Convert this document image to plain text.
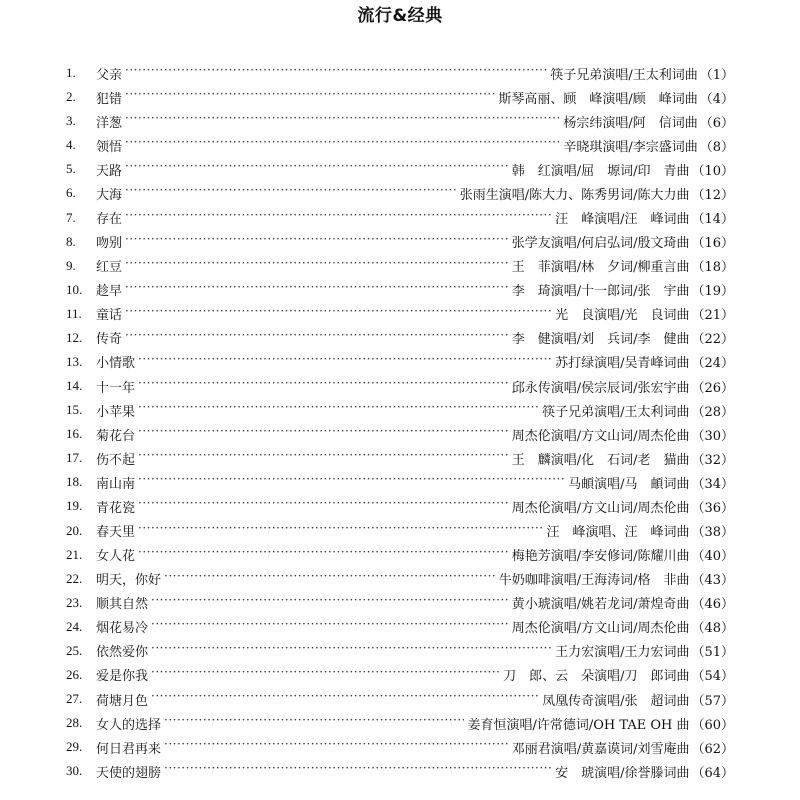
流行&经典
1.	父亲 ·····	筷子兄弟演唱/王太利词曲 （1）
2.	犯错 ·····	斯琴高丽、顾　峰演唱/顾　峰词曲 （4）
3.	洋葱 ·····	杨宗纬演唱/阿　信词曲 （6）
4.	领悟 ·····	辛晓琪演唱/李宗盛词曲 （8）
5.	天路 ·····	韩　红演唱/屈　塬词/印　青曲 （10）
6.	大海 ·····	张雨生演唱/陈大力、陈秀男词/陈大力曲 （12）
7.	存在 ·····	汪　峰演唱/汪　峰词曲 （14）
8.	吻别 ·····	张学友演唱/何启弘词/殷文琦曲 （16）
9.	红豆 ·····	王　菲演唱/林　夕词/柳重言曲 （18）
10.	趁早 ·····	李　琦演唱/十一郎词/张　宇曲 （19）
11.	童话 ·····	光　良演唱/光　良词曲 （21）
12.	传奇 ·····	李　健演唱/刘　兵词/李　健曲 （22）
13.	小情歌 ·····	苏打绿演唱/吴青峰词曲 （24）
14.	十一年 ·····	邱永传演唱/侯宗辰词/张宏宇曲 （26）
15.	小苹果 ·····	筷子兄弟演唱/王太利词曲 （28）
16.	菊花台 ·····	周杰伦演唱/方文山词/周杰伦曲 （30）
17.	伤不起 ·····	王　麟演唱/化　石词/老　猫曲 （32）
18.	南山南 ·····	马頔演唱/马　頔词曲 （34）
19.	青花瓷 ·····	周杰伦演唱/方文山词/周杰伦曲 （36）
20.	春天里 ·····	汪　峰演唱、汪　峰词曲 （38）
21.	女人花 ·····	梅艳芳演唱/李安修词/陈耀川曲 （40）
22.	明天，你好 ·····	牛奶咖啡演唱/王海涛词/格　非曲 （43）
23.	顺其自然 ·····	黄小琥演唱/姚若龙词/萧煌奇曲 （46）
24.	烟花易冷 ·····	周杰伦演唱/方文山词/周杰伦曲 （48）
25.	依然爱你 ·····	王力宏演唱/王力宏词曲 （51）
26.	爱是你我 ·····	刀　郎、云　朵演唱/刀　郎词曲 （54）
27.	荷塘月色 ·····	凤凰传奇演唱/张　超词曲 （57）
28.	女人的选择 ·····	姜育恒演唱/许常德词/OH TAE OH 曲 （60）
29.	何日君再来 ·····	邓丽君演唱/黄嘉谟词/刘雪庵曲 （62）
30.	天使的翅膀 ·····	安　琥演唱/徐誉滕词曲 （64）
